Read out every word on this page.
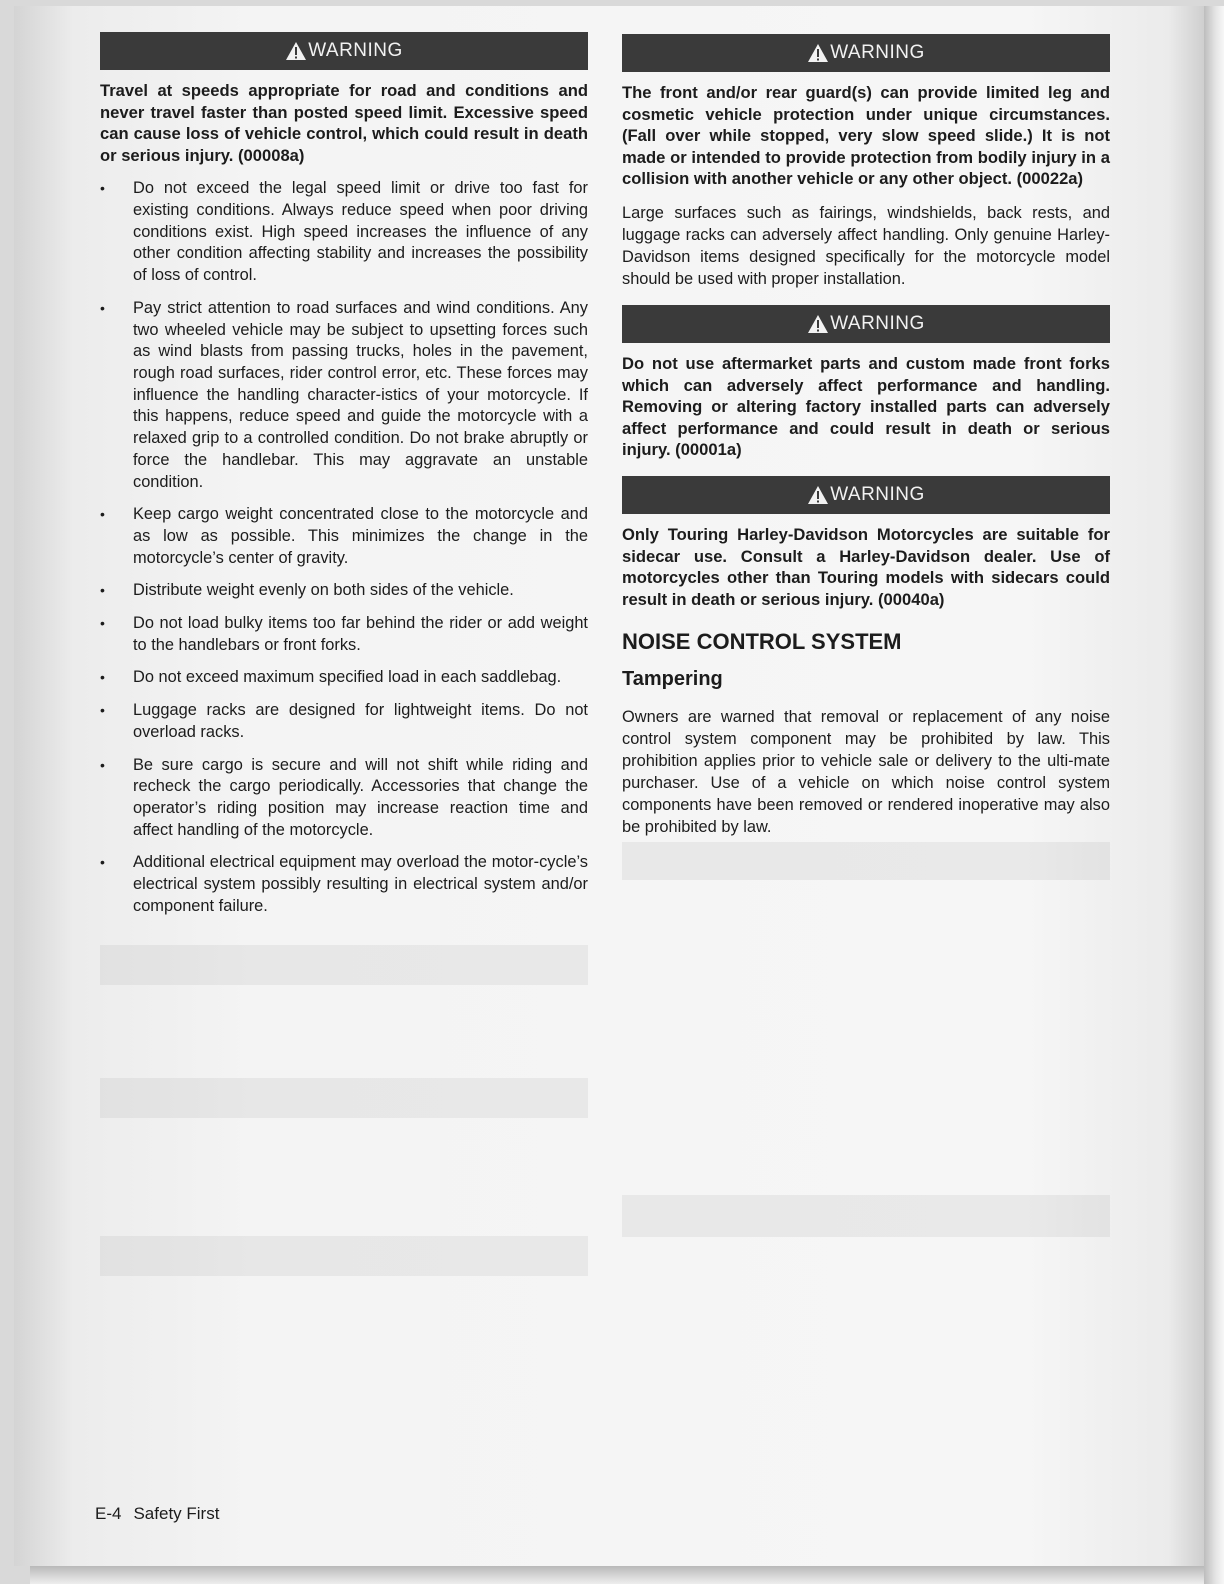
WARNING

Travel at speeds appropriate for road and conditions and never travel faster than posted speed limit. Excessive speed can cause loss of vehicle control, which could result in death or serious injury. (00008a)

• Do not exceed the legal speed limit or drive too fast for existing conditions. Always reduce speed when poor driving conditions exist. High speed increases the influence of any other condition affecting stability and increases the possibility of loss of control.
• Pay strict attention to road surfaces and wind conditions. Any two wheeled vehicle may be subject to upsetting forces such as wind blasts from passing trucks, holes in the pavement, rough road surfaces, rider control error, etc. These forces may influence the handling character-istics of your motorcycle. If this happens, reduce speed and guide the motorcycle with a relaxed grip to a controlled condition. Do not brake abruptly or force the handlebar. This may aggravate an unstable condition.
• Keep cargo weight concentrated close to the motorcycle and as low as possible. This minimizes the change in the motorcycle’s center of gravity.
• Distribute weight evenly on both sides of the vehicle.
• Do not load bulky items too far behind the rider or add weight to the handlebars or front forks.
• Do not exceed maximum specified load in each saddlebag.
• Luggage racks are designed for lightweight items. Do not overload racks.
• Be sure cargo is secure and will not shift while riding and recheck the cargo periodically. Accessories that change the operator’s riding position may increase reaction time and affect handling of the motorcycle.
• Additional electrical equipment may overload the motor-cycle’s electrical system possibly resulting in electrical system and/or component failure.
WARNING

The front and/or rear guard(s) can provide limited leg and cosmetic vehicle protection under unique circumstances. (Fall over while stopped, very slow speed slide.) It is not made or intended to provide protection from bodily injury in a collision with another vehicle or any other object. (00022a)

Large surfaces such as fairings, windshields, back rests, and luggage racks can adversely affect handling. Only genuine Harley-Davidson items designed specifically for the motorcycle model should be used with proper installation.

WARNING

Do not use aftermarket parts and custom made front forks which can adversely affect performance and handling. Removing or altering factory installed parts can adversely affect performance and could result in death or serious injury. (00001a)

WARNING

Only Touring Harley-Davidson Motorcycles are suitable for sidecar use. Consult a Harley-Davidson dealer. Use of motorcycles other than Touring models with sidecars could result in death or serious injury. (00040a)

NOISE CONTROL SYSTEM
Tampering

Owners are warned that removal or replacement of any noise control system component may be prohibited by law. This prohibition applies prior to vehicle sale or delivery to the ulti-mate purchaser. Use of a vehicle on which noise control system components have been removed or rendered inoperative may also be prohibited by law.

E-4 Safety First
